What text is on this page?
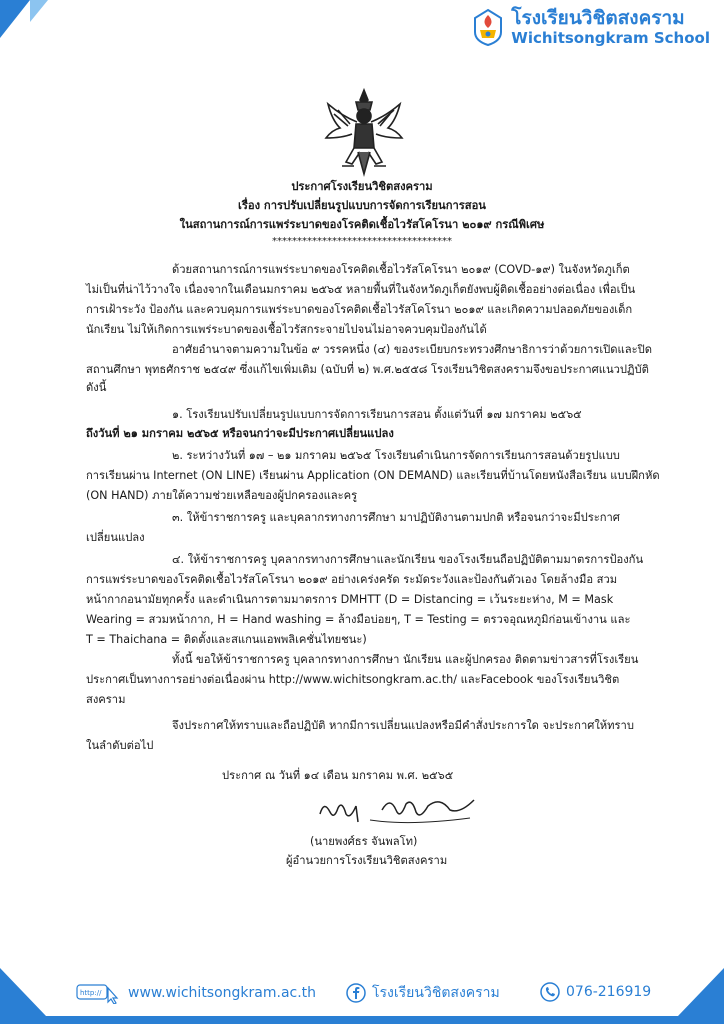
โรงเรียนวิชิตสงคราม
Wichitsongkram School
ประกาศโรงเรียนวิชิตสงคราม
เรื่อง การปรับเปลี่ยนรูปแบบการจัดการเรียนการสอน
ในสถานการณ์การแพร่ระบาดของโรคติดเชื้อไวรัสโคโรนา ๒๐๑๙ กรณีพิเศษ
************************************
ด้วยสถานการณ์การแพร่ระบาดของโรคติดเชื้อไวรัสโคโรนา ๒๐๑๙ (COVD-๑๙) ในจังหวัดภูเก็ต
ไม่เป็นที่น่าไว้วางใจ เนื่องจากในเดือนมกราคม ๒๕๖๕ หลายพื้นที่ในจังหวัดภูเก็ตยังพบผู้ติดเชื้ออย่างต่อเนื่อง เพื่อเป็น
การเฝ้าระวัง ป้องกัน และควบคุมการแพร่ระบาดของโรคติดเชื้อไวรัสโคโรนา ๒๐๑๙ และเกิดความปลอดภัยของเด็ก
นักเรียน ไม่ให้เกิดการแพร่ระบาดของเชื้อไวรัสกระจายไปจนไม่อาจควบคุมป้องกันได้
อาศัยอำนาจตามความในข้อ ๙ วรรคหนึ่ง (๔) ของระเบียบกระทรวงศึกษาธิการว่าด้วยการเปิดและปิด
สถานศึกษา พุทธศักราช ๒๕๔๙ ซึ่งแก้ไขเพิ่มเติม (ฉบับที่ ๒) พ.ศ.๒๕๕๘ โรงเรียนวิชิตสงครามจึงขอประกาศแนวปฏิบัติ
ดังนี้
๑. โรงเรียนปรับเปลี่ยนรูปแบบการจัดการเรียนการสอน ตั้งแต่วันที่ ๑๗ มกราคม ๒๕๖๕
ถึงวันที่ ๒๑ มกราคม ๒๕๖๕ หรือจนกว่าจะมีประกาศเปลี่ยนแปลง
๒. ระหว่างวันที่ ๑๗ – ๒๑ มกราคม ๒๕๖๕ โรงเรียนดำเนินการจัดการเรียนการสอนด้วยรูปแบบ
การเรียนผ่าน Internet (ON LINE) เรียนผ่าน Application (ON DEMAND) และเรียนที่บ้านโดยหนังสือเรียน แบบฝึกหัด
(ON HAND) ภายใต้ความช่วยเหลือของผู้ปกครองและครู
๓. ให้ข้าราชการครู และบุคลากรทางการศึกษา มาปฏิบัติงานตามปกติ หรือจนกว่าจะมีประกาศ
เปลี่ยนแปลง
๔. ให้ข้าราชการครู บุคลากรทางการศึกษาและนักเรียน ของโรงเรียนถือปฏิบัติตามมาตรการป้องกัน
การแพร่ระบาดของโรคติดเชื้อไวรัสโคโรนา ๒๐๑๙ อย่างเคร่งครัด ระมัดระวังและป้องกันตัวเอง โดยล้างมือ สวม
หน้ากากอนามัยทุกครั้ง และดำเนินการตามมาตรการ DMHTT (D = Distancing = เว้นระยะห่าง, M = Mask
Wearing = สวมหน้ากาก, H = Hand washing = ล้างมือบ่อยๆ, T = Testing = ตรวจอุณหภูมิก่อนเข้างาน และ
T = Thaichana = ติดตั้งและสแกนแอพพลิเคชั่นไทยชนะ)
ทั้งนี้ ขอให้ข้าราชการครู บุคลากรทางการศึกษา นักเรียน และผู้ปกครอง ติดตามข่าวสารที่โรงเรียน
ประกาศเป็นทางการอย่างต่อเนื่องผ่าน http://www.wichitsongkram.ac.th/ และFacebook ของโรงเรียนวิชิต
สงคราม
จึงประกาศให้ทราบและถือปฏิบัติ หากมีการเปลี่ยนแปลงหรือมีคำสั่งประการใด จะประกาศให้ทราบ
ในลำดับต่อไป
ประกาศ ณ วันที่ ๑๔ เดือน มกราคม พ.ศ. ๒๕๖๕
(นายพงศ์ธร จันพลโท)
ผู้อำนวยการโรงเรียนวิชิตสงคราม
http:// www.wichitsongkram.ac.th	โรงเรียนวิชิตสงคราม	076-216919
